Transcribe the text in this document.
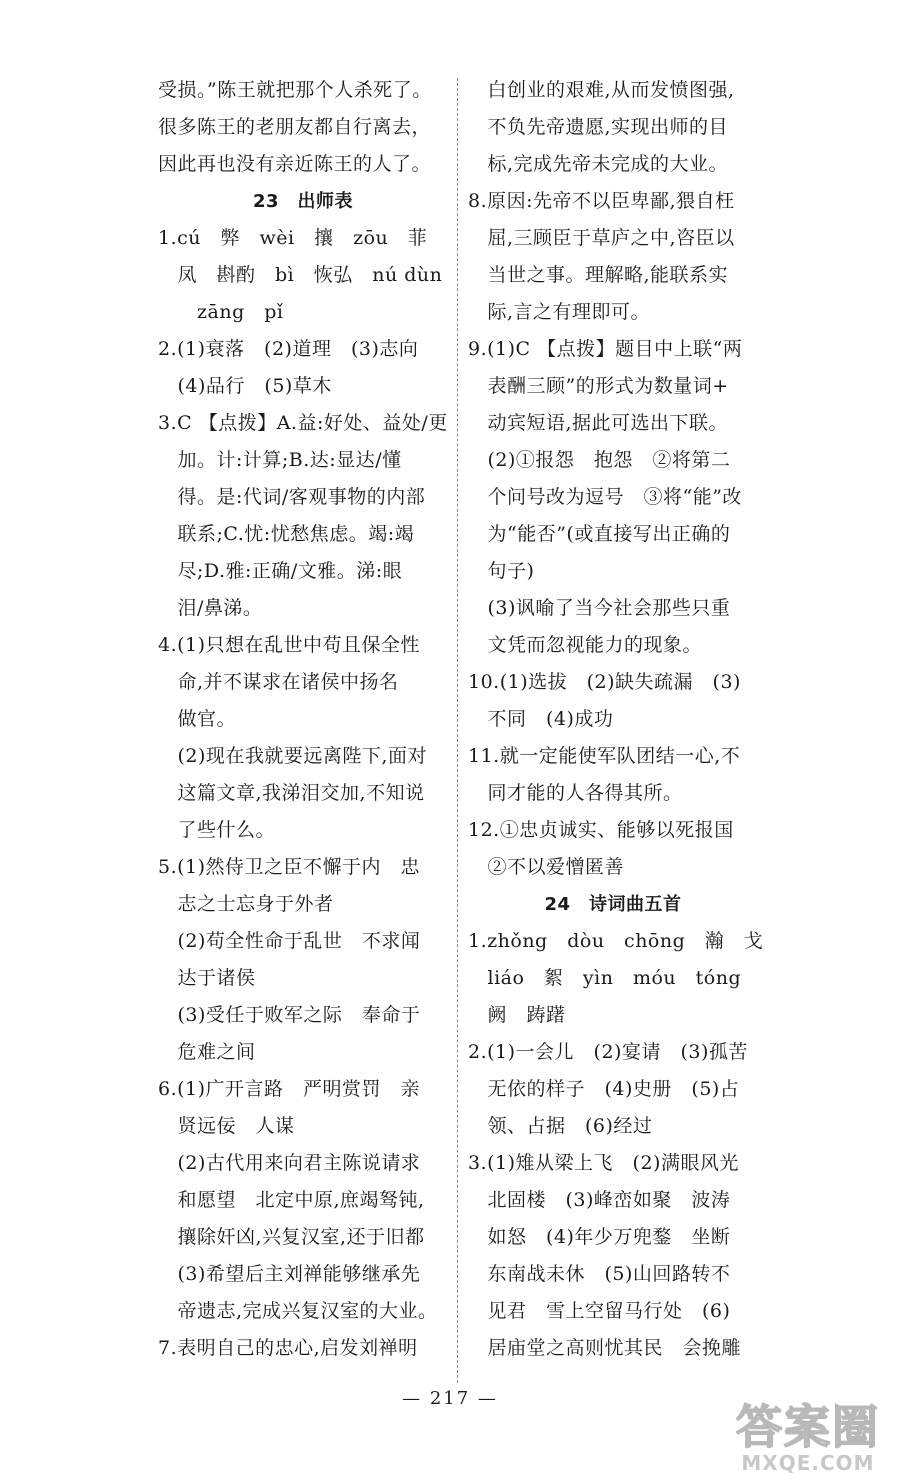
受损。”陈王就把那个人杀死了。
很多陈王的老朋友都自行离去，
因此再也没有亲近陈王的人了。
23　出师表
1.cú　弊　wèi　攘　zōu　菲
　凤　斟酌　bì　恢弘　nú dùn
　　zāng　pǐ
2.(1)衰落　(2)道理　(3)志向
　(4)品行　(5)草木
3.C 【点拨】A.益:好处、益处/更
　加。计:计算;B.达:显达/懂
　得。是:代词/客观事物的内部
　联系;C.忧:忧愁焦虑。竭:竭
　尽;D.雅:正确/文雅。涕:眼
　泪/鼻涕。
4.(1)只想在乱世中苟且保全性
　命,并不谋求在诸侯中扬名
　做官。
　(2)现在我就要远离陛下,面对
　这篇文章,我涕泪交加,不知说
　了些什么。
5.(1)然侍卫之臣不懈于内　忠
　志之士忘身于外者
　(2)苟全性命于乱世　不求闻
　达于诸侯
　(3)受任于败军之际　奉命于
　危难之间
6.(1)广开言路　严明赏罚　亲
　贤远佞　人谋
　(2)古代用来向君主陈说请求
　和愿望　北定中原,庶竭驽钝,
　攘除奸凶,兴复汉室,还于旧都
　(3)希望后主刘禅能够继承先
　帝遗志,完成兴复汉室的大业。
7.表明自己的忠心,启发刘禅明
　白创业的艰难,从而发愤图强,
　不负先帝遗愿,实现出师的目
　标,完成先帝未完成的大业。
8.原因:先帝不以臣卑鄙,猥自枉
　屈,三顾臣于草庐之中,咨臣以
　当世之事。理解略,能联系实
　际,言之有理即可。
9.(1)C 【点拨】题目中上联“两
　表酬三顾”的形式为数量词+
　动宾短语,据此可选出下联。
　(2)①报怨　抱怨　②将第二
　个问号改为逗号　③将“能”改
　为“能否”(或直接写出正确的
　句子)
　(3)讽喻了当今社会那些只重
　文凭而忽视能力的现象。
10.(1)选拔　(2)缺失疏漏　(3)
　不同　(4)成功
11.就一定能使军队团结一心,不
　同才能的人各得其所。
12.①忠贞诚实、能够以死报国
　②不以爱憎匿善
24　诗词曲五首
1.zhǒng　dòu　chōng　瀚　戈
　liáo　絮　yìn　móu　tóng
　阙　踌躇
2.(1)一会儿　(2)宴请　(3)孤苦
　无依的样子　(4)史册　(5)占
　领、占据　(6)经过
3.(1)雉从梁上飞　(2)满眼风光
　北固楼　(3)峰峦如聚　波涛
　如怒　(4)年少万兜鍪　坐断
　东南战未休　(5)山回路转不
　见君　雪上空留马行处　(6)
　居庙堂之高则忧其民　会挽雕
— 217 —
答案圈
MXQE.COM
